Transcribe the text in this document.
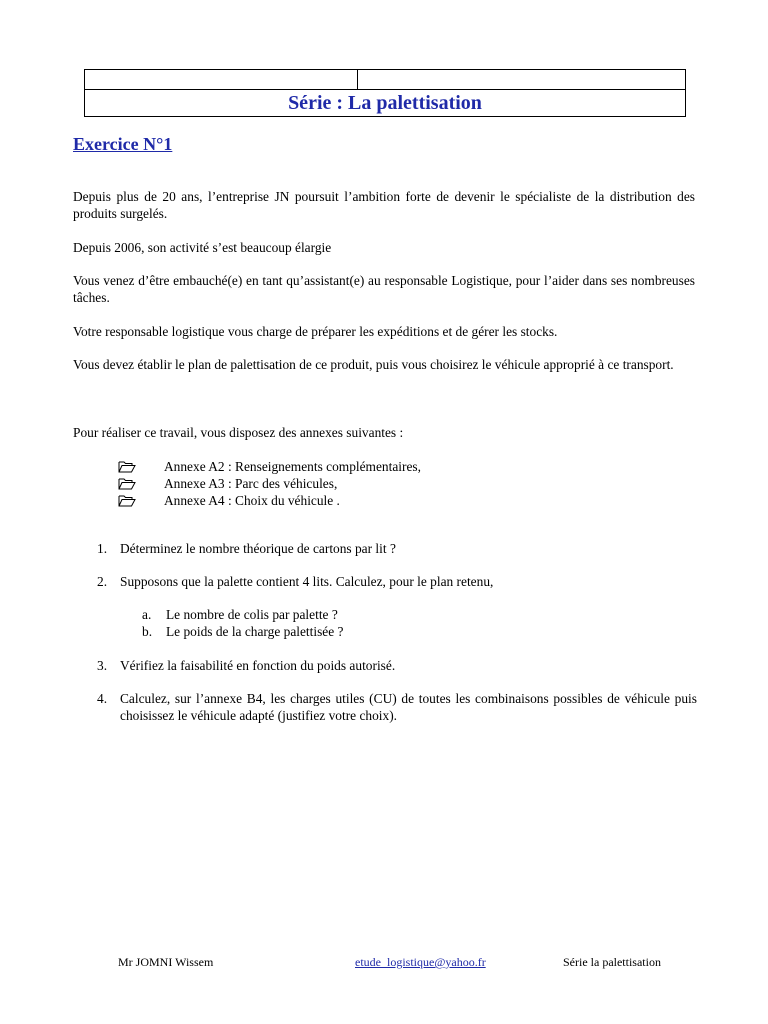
Série : La palettisation
Exercice N°1

Depuis plus de 20 ans, l’entreprise JN poursuit l’ambition forte de devenir le spécialiste de la distribution des produits surgelés.

Depuis 2006, son activité s’est beaucoup élargie

Vous venez d’être embauché(e) en tant qu’assistant(e) au responsable Logistique, pour l’aider dans ses nombreuses tâches.

Votre responsable logistique vous charge de préparer les expéditions et de gérer les stocks.

Vous devez établir le plan de palettisation de ce produit, puis vous choisirez le véhicule approprié à ce transport.

Pour réaliser ce travail, vous disposez des annexes suivantes :

Annexe A2 : Renseignements complémentaires,
Annexe A3 : Parc des véhicules,
Annexe A4 : Choix du véhicule .
1. Déterminez le nombre théorique de cartons par lit ?
2. Supposons que la palette contient 4 lits. Calculez, pour le plan retenu,
a.	Le nombre de colis par palette ?
b.	Le poids de la charge palettisée ?
3. Vérifiez la faisabilité en fonction du poids autorisé.
4. Calculez, sur l’annexe B4, les charges utiles (CU) de toutes les combinaisons possibles de véhicule puis choisissez le véhicule adapté (justifiez votre choix).
Mr JOMNI Wissem	etude_logistique@yahoo.fr	Série la palettisation
